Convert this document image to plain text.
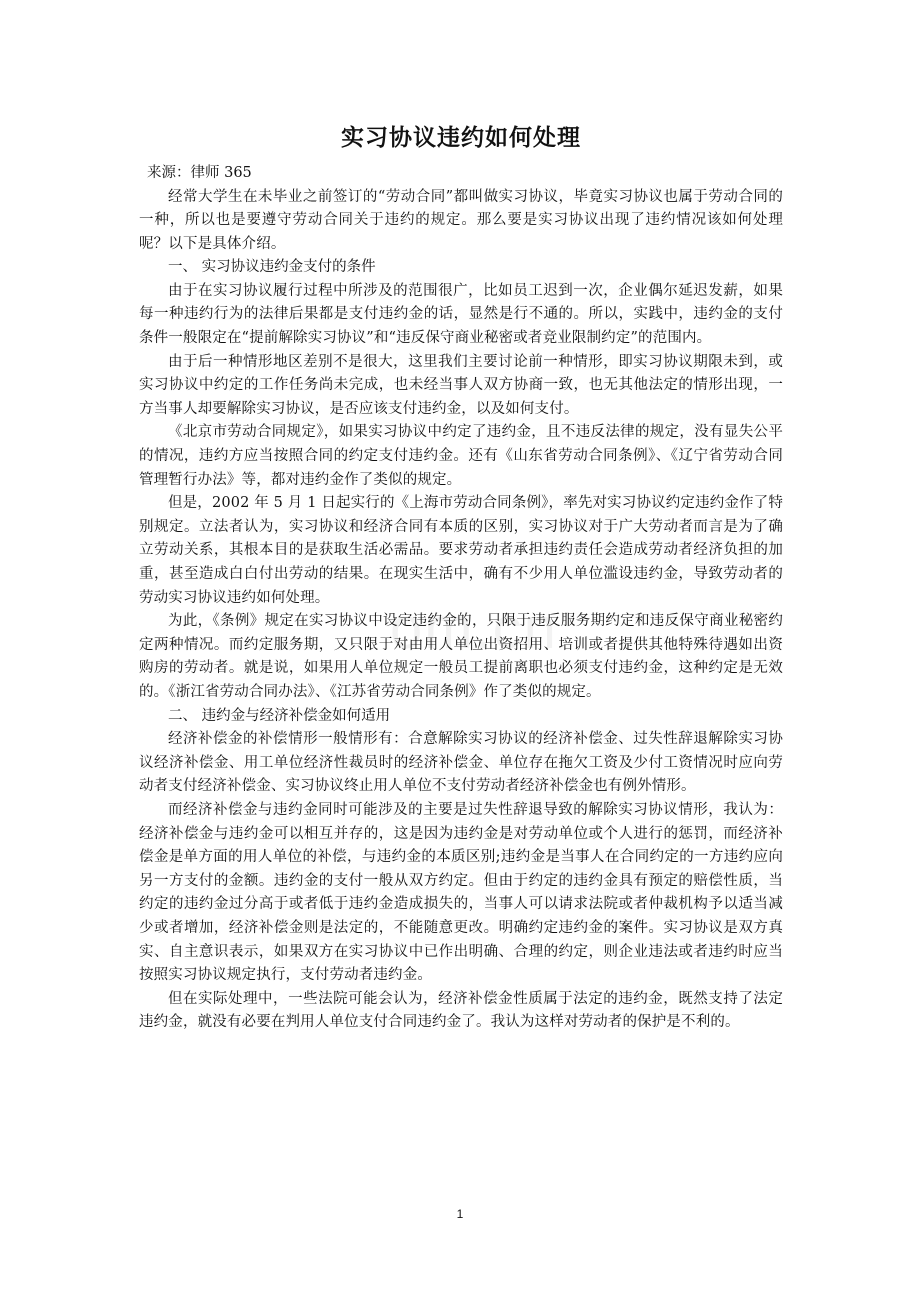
om.cn
实习协议违约如何处理

来源：律师 365

经常大学生在未毕业之前签订的“劳动合同”都叫做实习协议，毕竟实习协议也属于劳动合同的一种，所以也是要遵守劳动合同关于违约的规定。那么要是实习协议出现了违约情况该如何处理呢？以下是具体介绍。

一、 实习协议违约金支付的条件

由于在实习协议履行过程中所涉及的范围很广，比如员工迟到一次，企业偶尔延迟发薪，如果每一种违约行为的法律后果都是支付违约金的话，显然是行不通的。所以，实践中，违约金的支付条件一般限定在“提前解除实习协议”和“违反保守商业秘密或者竞业限制约定”的范围内。

由于后一种情形地区差别不是很大，这里我们主要讨论前一种情形，即实习协议期限未到，或实习协议中约定的工作任务尚未完成，也未经当事人双方协商一致，也无其他法定的情形出现，一方当事人却要解除实习协议，是否应该支付违约金，以及如何支付。

《北京市劳动合同规定》，如果实习协议中约定了违约金，且不违反法律的规定，没有显失公平的情况，违约方应当按照合同的约定支付违约金。还有《山东省劳动合同条例》、《辽宁省劳动合同管理暂行办法》等，都对违约金作了类似的规定。

但是，2002 年 5 月 1 日起实行的《上海市劳动合同条例》，率先对实习协议约定违约金作了特别规定。立法者认为，实习协议和经济合同有本质的区别，实习协议对于广大劳动者而言是为了确立劳动关系，其根本目的是获取生活必需品。要求劳动者承担违约责任会造成劳动者经济负担的加重，甚至造成白白付出劳动的结果。在现实生活中，确有不少用人单位滥设违约金，导致劳动者的劳动实习协议违约如何处理。

为此，《条例》规定在实习协议中设定违约金的，只限于违反服务期约定和违反保守商业秘密约定两种情况。而约定服务期，又只限于对由用人单位出资招用、培训或者提供其他特殊待遇如出资购房的劳动者。就是说，如果用人单位规定一般员工提前离职也必须支付违约金，这种约定是无效的。《浙江省劳动合同办法》、《江苏省劳动合同条例》作了类似的规定。

二、 违约金与经济补偿金如何适用

经济补偿金的补偿情形一般情形有：合意解除实习协议的经济补偿金、过失性辞退解除实习协议经济补偿金、用工单位经济性裁员时的经济补偿金、单位存在拖欠工资及少付工资情况时应向劳动者支付经济补偿金、实习协议终止用人单位不支付劳动者经济补偿金也有例外情形。

而经济补偿金与违约金同时可能涉及的主要是过失性辞退导致的解除实习协议情形，我认为：经济补偿金与违约金可以相互并存的，这是因为违约金是对劳动单位或个人进行的惩罚，而经济补偿金是单方面的用人单位的补偿，与违约金的本质区别;违约金是当事人在合同约定的一方违约应向另一方支付的金额。违约金的支付一般从双方约定。但由于约定的违约金具有预定的赔偿性质，当约定的违约金过分高于或者低于违约金造成损失的，当事人可以请求法院或者仲裁机构予以适当减少或者增加，经济补偿金则是法定的，不能随意更改。明确约定违约金的案件。实习协议是双方真实、自主意识表示，如果双方在实习协议中已作出明确、合理的约定，则企业违法或者违约时应当按照实习协议规定执行，支付劳动者违约金。

但在实际处理中，一些法院可能会认为，经济补偿金性质属于法定的违约金，既然支持了法定违约金，就没有必要在判用人单位支付合同违约金了。我认为这样对劳动者的保护是不利的。

1
